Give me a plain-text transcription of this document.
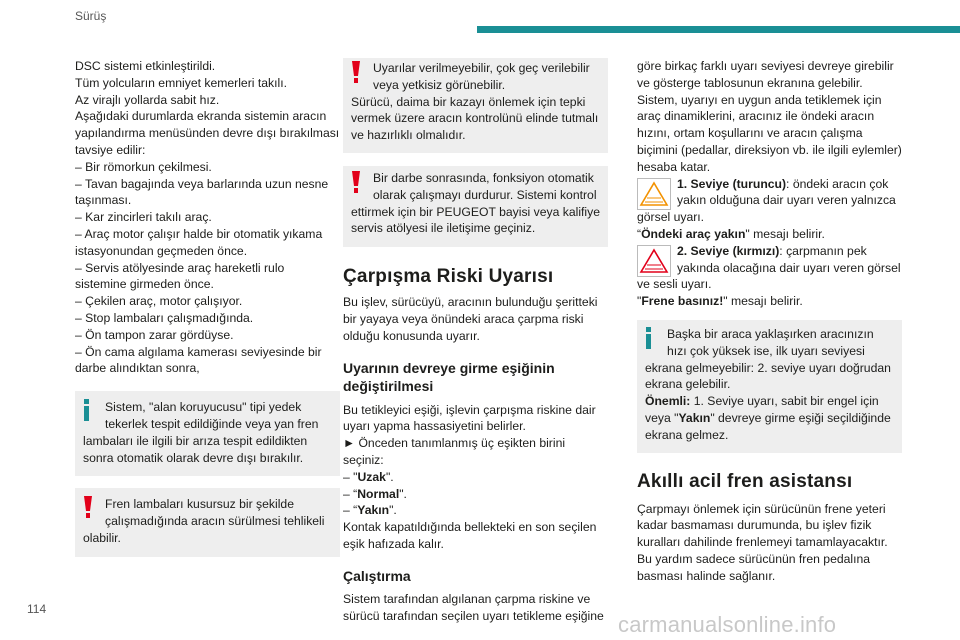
Sürüş

DSC sistemi etkinleştirildi.

Tüm yolcuların emniyet kemerleri takılı.

Az virajlı yollarda sabit hız.

Aşağıdaki durumlarda ekranda sistemin aracın

yapılandırma menüsünden devre dışı bırakılması

tavsiye edilir:

– Bir römorkun çekilmesi.

– Tavan bagajında veya barlarında uzun nesne

taşınması.

– Kar zincirleri takılı araç.

– Araç motor çalışır halde bir otomatik yıkama

istasyonundan geçmeden önce.

– Servis atölyesinde araç hareketli rulo

sistemine girmeden önce.

– Çekilen araç, motor çalışıyor.

– Stop lambaları çalışmadığında.

– Ön tampon zarar gördüyse.

– Ön cama algılama kamerası seviyesinde bir

darbe alındıktan sonra,

Sistem, "alan koruyucusu" tipi yedek

tekerlek tespit edildiğinde veya yan fren

lambaları ile ilgili bir arıza tespit edildikten

sonra otomatik olarak devre dışı bırakılır.

Fren lambaları kusursuz bir şekilde

çalışmadığında aracın sürülmesi tehlikeli

olabilir.

Uyarılar verilmeyebilir, çok geç verilebilir

veya yetkisiz görünebilir.

Sürücü, daima bir kazayı önlemek için tepki

vermek üzere aracın kontrolünü elinde tutmalı

ve hazırlıklı olmalıdır.

Bir darbe sonrasında, fonksiyon otomatik

olarak çalışmayı durdurur. Sistemi kontrol

ettirmek için bir PEUGEOT bayisi veya kalifiye

servis atölyesi ile iletişime geçiniz.

Çarpışma Riski Uyarısı

Bu işlev, sürücüyü, aracının bulunduğu şeritteki

bir yayaya veya önündeki araca çarpma riski

olduğu konusunda uyarır.

Uyarının devreye girme eşiğinin
değiştirilmesi

Bu tetikleyici eşiği, işlevin çarpışma riskine dair

uyarı yapma hassasiyetini belirler.

► Önceden tanımlanmış üç eşikten birini

seçiniz:

– "Uzak".

– “Normal".

– “Yakın".

Kontak kapatıldığında bellekteki en son seçilen

eşik hafızada kalır.

Çalıştırma

Sistem tarafından algılanan çarpma riskine ve

sürücü tarafından seçilen uyarı tetikleme eşiğine

göre birkaç farklı uyarı seviyesi devreye girebilir

ve gösterge tablosunun ekranına gelebilir.

Sistem, uyarıyı en uygun anda tetiklemek için

araç dinamiklerini, aracınız ile öndeki aracın

hızını, ortam koşullarını ve aracın çalışma

biçimini (pedallar, direksiyon vb. ile ilgili eylemler)

hesaba katar.

1. Seviye (turuncu): öndeki aracın çok

yakın olduğuna dair uyarı veren yalnızca

görsel uyarı.

“Öndeki araç yakın" mesajı belirir.

2. Seviye (kırmızı): çarpmanın pek

yakında olacağına dair uyarı veren görsel

ve sesli uyarı.

"Frene basınız!" mesajı belirir.

Başka bir araca yaklaşırken aracınızın

hızı çok yüksek ise, ilk uyarı seviyesi

ekrana gelmeyebilir: 2. seviye uyarı doğrudan

ekrana gelebilir.

Önemli: 1. Seviye uyarı, sabit bir engel için

veya "Yakın" devreye girme eşiği seçildiğinde

ekrana gelmez.

Akıllı acil fren asistansı

Çarpmayı önlemek için sürücünün frene yeteri

kadar basmaması durumunda, bu işlev fizik

kuralları dahilinde frenlemeyi tamamlayacaktır.

Bu yardım sadece sürücünün fren pedalına

basması halinde sağlanır.

114
carmanualsonline.info
